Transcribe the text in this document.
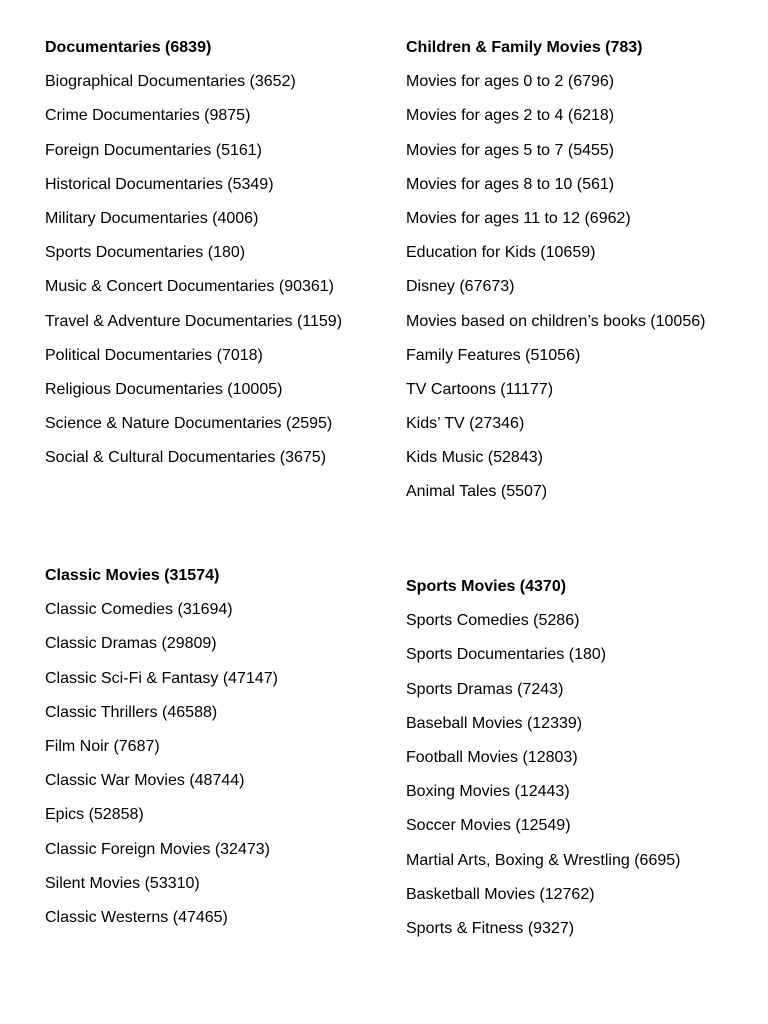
Documentaries (6839)
Biographical Documentaries (3652)
Crime Documentaries (9875)
Foreign Documentaries (5161)
Historical Documentaries (5349)
Military Documentaries (4006)
Sports Documentaries (180)
Music & Concert Documentaries (90361)
Travel & Adventure Documentaries (1159)
Political Documentaries (7018)
Religious Documentaries (10005)
Science & Nature Documentaries (2595)
Social & Cultural Documentaries (3675)
Classic Movies (31574)
Classic Comedies (31694)
Classic Dramas (29809)
Classic Sci-Fi & Fantasy (47147)
Classic Thrillers (46588)
Film Noir (7687)
Classic War Movies (48744)
Epics (52858)
Classic Foreign Movies (32473)
Silent Movies (53310)
Classic Westerns (47465)
Children & Family Movies (783)
Movies for ages 0 to 2 (6796)
Movies for ages 2 to 4 (6218)
Movies for ages 5 to 7 (5455)
Movies for ages 8 to 10 (561)
Movies for ages 11 to 12 (6962)
Education for Kids (10659)
Disney (67673)
Movies based on children’s books (10056)
Family Features (51056)
TV Cartoons (11177)
Kids’ TV (27346)
Kids Music (52843)
Animal Tales (5507)
Sports Movies (4370)
Sports Comedies (5286)
Sports Documentaries (180)
Sports Dramas (7243)
Baseball Movies (12339)
Football Movies (12803)
Boxing Movies (12443)
Soccer Movies (12549)
Martial Arts, Boxing & Wrestling (6695)
Basketball Movies (12762)
Sports & Fitness (9327)
